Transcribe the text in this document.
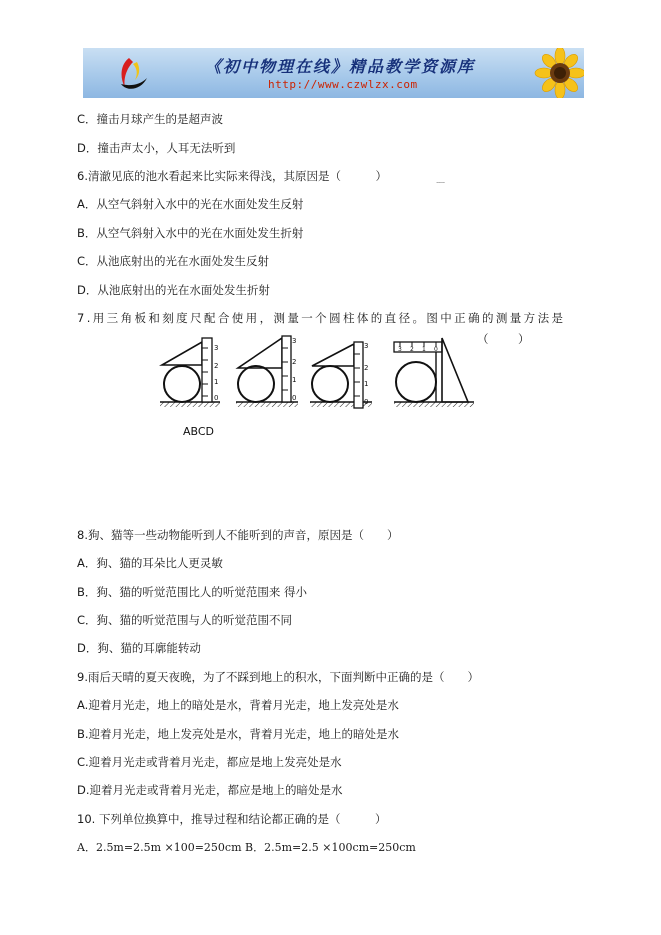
《初中物理在线》精品教学资源库
http://www.czwlzx.com
C．撞击月球产生的是超声波
D．撞击声太小，人耳无法听到
6.清澈见底的池水看起来比实际来得浅，其原因是（　　　）	.........
A．从空气斜射入水中的光在水面处发生反射
B．从空气斜射入水中的光在水面处发生折射
C．从池底射出的光在水面处发生反射
D．从池底射出的光在水面处发生折射
7.用三角板和刻度尺配合使用，测量一个圆柱体的直径。图中正确的测量方法是
（　）
3
2
1
0
3
2
1
0
3
2
1
0
3 2 1 0
ABCD
8.狗、猫等一些动物能听到人不能听到的声音，原因是（　　）
A．狗、猫的耳朵比人更灵敏
B．狗、猫的听觉范围比人的听觉范围来 得小
C．狗、猫的听觉范围与人的听觉范围不同
D．狗、猫的耳廓能转动
9.雨后天晴的夏天夜晚，为了不踩到地上的积水，下面判断中正确的是（　　）
A.迎着月光走，地上的暗处是水，背着月光走，地上发亮处是水
B.迎着月光走，地上发亮处是水，背着月光走，地上的暗处是水
C.迎着月光走或背着月光走，都应是地上发亮处是水
D.迎着月光走或背着月光走，都应是地上的暗处是水
10. 下列单位换算中，推导过程和结论都正确的是（　　　）
A．2.5m=2.5m ×100=250cm B．2.5m=2.5 ×100cm=250cm
